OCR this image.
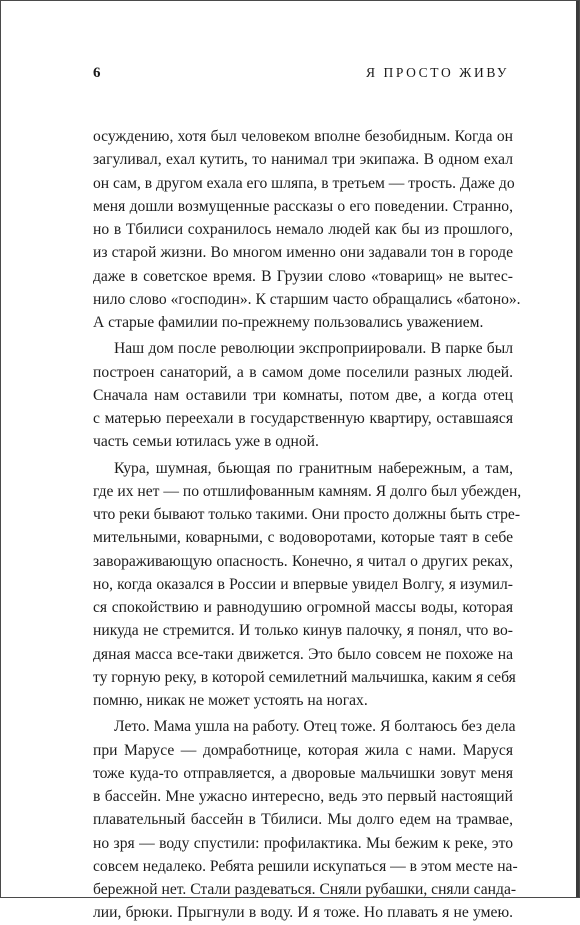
6	Я ПРОСТО ЖИВУ
осуждению, хотя был человеком вполне безобидным. Когда он
загуливал, ехал кутить, то нанимал три экипажа. В одном ехал
он сам, в другом ехала его шляпа, в третьем — трость. Даже до
меня дошли возмущенные рассказы о его поведении. Странно,
но в Тбилиси сохранилось немало людей как бы из прошлого,
из старой жизни. Во многом именно они задавали тон в городе
даже в советское время. В Грузии слово «товарищ» не вытес-
нило слово «господин». К старшим часто обращались «батоно».
А старые фамилии по-прежнему пользовались уважением.
Наш дом после революции экспроприировали. В парке был
построен санаторий, а в самом доме поселили разных людей.
Сначала нам оставили три комнаты, потом две, а когда отец
с матерью переехали в государственную квартиру, оставшаяся
часть семьи ютилась уже в одной.
Кура, шумная, бьющая по гранитным набережным, а там,
где их нет — по отшлифованным камням. Я долго был убежден,
что реки бывают только такими. Они просто должны быть стре-
мительными, коварными, с водоворотами, которые таят в себе
завораживающую опасность. Конечно, я читал о других реках,
но, когда оказался в России и впервые увидел Волгу, я изумил-
ся спокойствию и равнодушию огромной массы воды, которая
никуда не стремится. И только кинув палочку, я понял, что во-
дяная масса все-таки движется. Это было совсем не похоже на
ту горную реку, в которой семилетний мальчишка, каким я себя
помню, никак не может устоять на ногах.
Лето. Мама ушла на работу. Отец тоже. Я болтаюсь без дела
при Марусе — домработнице, которая жила с нами. Маруся
тоже куда-то отправляется, а дворовые мальчишки зовут меня
в бассейн. Мне ужасно интересно, ведь это первый настоящий
плавательный бассейн в Тбилиси. Мы долго едем на трамвае,
но зря — воду спустили: профилактика. Мы бежим к реке, это
совсем недалеко. Ребята решили искупаться — в этом месте на-
бережной нет. Стали раздеваться. Сняли рубашки, сняли санда-
лии, брюки. Прыгнули в воду. И я тоже. Но плавать я не умею.
